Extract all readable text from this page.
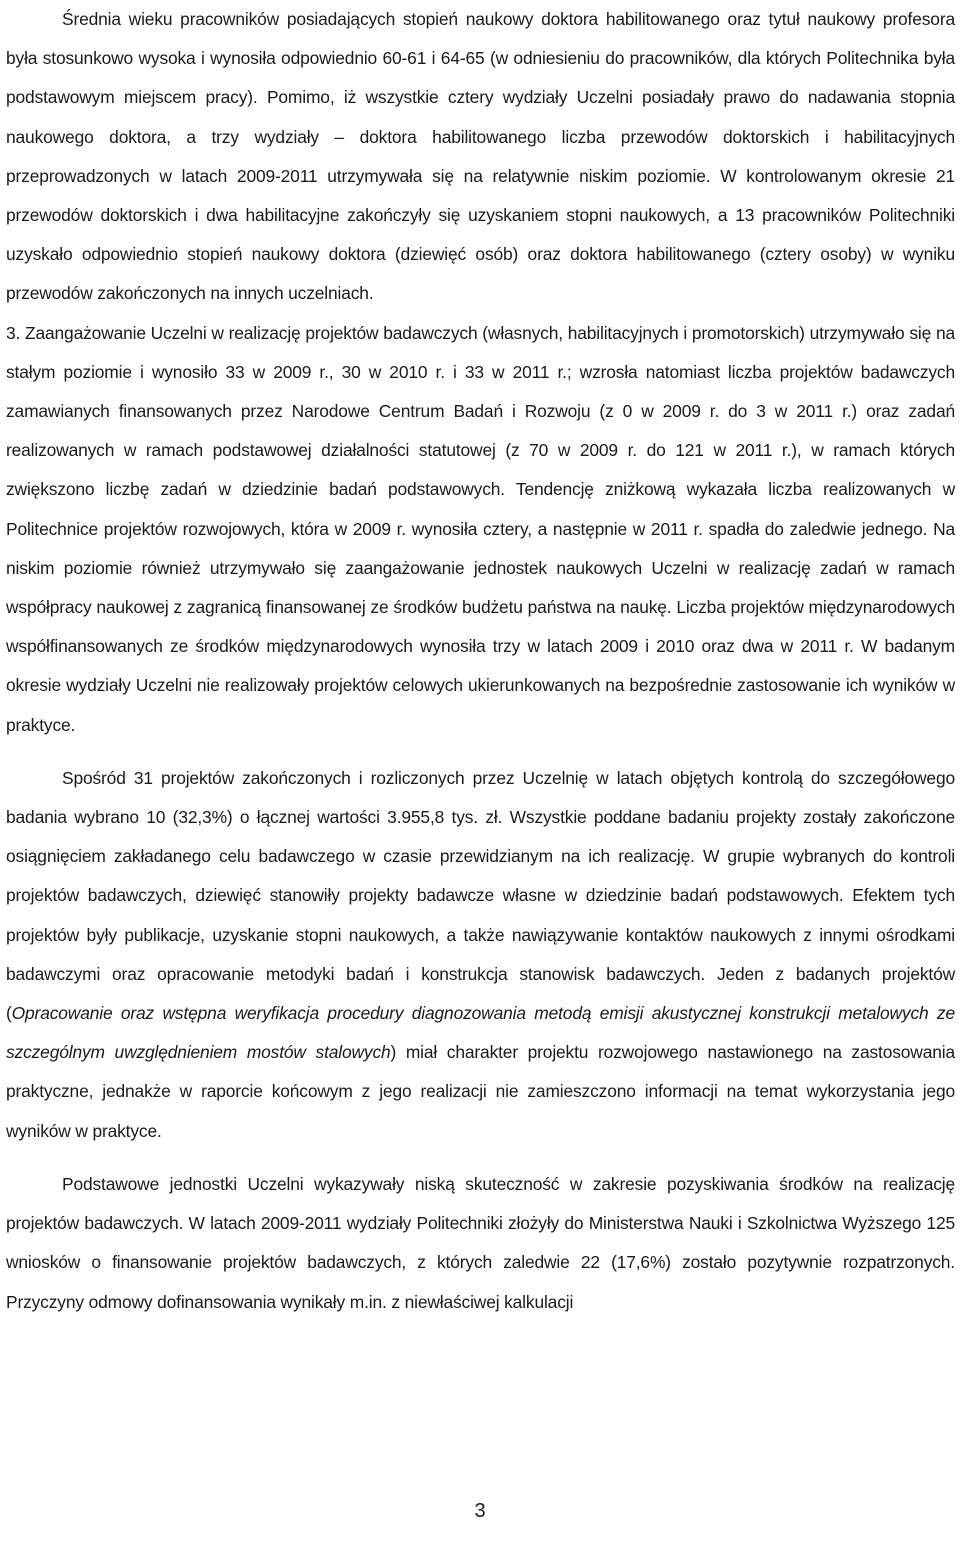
Średnia wieku pracowników posiadających stopień naukowy doktora habilitowanego oraz tytuł naukowy profesora była stosunkowo wysoka i wynosiła odpowiednio 60-61 i 64-65 (w odniesieniu do pracowników, dla których Politechnika była podstawowym miejscem pracy). Pomimo, iż wszystkie cztery wydziały Uczelni posiadały prawo do nadawania stopnia naukowego doktora, a trzy wydziały – doktora habilitowanego liczba przewodów doktorskich i habilitacyjnych przeprowadzonych w latach 2009-2011 utrzymywała się na relatywnie niskim poziomie. W kontrolowanym okresie 21 przewodów doktorskich i dwa habilitacyjne zakończyły się uzyskaniem stopni naukowych, a 13 pracowników Politechniki uzyskało odpowiednio stopień naukowy doktora (dziewięć osób) oraz doktora habilitowanego (cztery osoby) w wyniku przewodów zakończonych na innych uczelniach.

3. Zaangażowanie Uczelni w realizację projektów badawczych (własnych, habilitacyjnych i promotorskich) utrzymywało się na stałym poziomie i wynosiło 33 w 2009 r., 30 w 2010 r. i 33 w 2011 r.; wzrosła natomiast liczba projektów badawczych zamawianych finansowanych przez Narodowe Centrum Badań i Rozwoju (z 0 w 2009 r. do 3 w 2011 r.) oraz zadań realizowanych w ramach podstawowej działalności statutowej (z 70 w 2009 r. do 121 w 2011 r.), w ramach których zwiększono liczbę zadań w dziedzinie badań podstawowych. Tendencję zniżkową wykazała liczba realizowanych w Politechnice projektów rozwojowych, która w 2009 r. wynosiła cztery, a następnie w 2011 r. spadła do zaledwie jednego. Na niskim poziomie również utrzymywało się zaangażowanie jednostek naukowych Uczelni w realizację zadań w ramach współpracy naukowej z zagranicą finansowanej ze środków budżetu państwa na naukę. Liczba projektów międzynarodowych współfinansowanych ze środków międzynarodowych wynosiła trzy w latach 2009 i 2010 oraz dwa w 2011 r. W badanym okresie wydziały Uczelni nie realizowały projektów celowych ukierunkowanych na bezpośrednie zastosowanie ich wyników w praktyce.

Spośród 31 projektów zakończonych i rozliczonych przez Uczelnię w latach objętych kontrolą do szczegółowego badania wybrano 10 (32,3%) o łącznej wartości 3.955,8 tys. zł. Wszystkie poddane badaniu projekty zostały zakończone osiągnięciem zakładanego celu badawczego w czasie przewidzianym na ich realizację. W grupie wybranych do kontroli projektów badawczych, dziewięć stanowiły projekty badawcze własne w dziedzinie badań podstawowych. Efektem tych projektów były publikacje, uzyskanie stopni naukowych, a także nawiązywanie kontaktów naukowych z innymi ośrodkami badawczymi oraz opracowanie metodyki badań i konstrukcja stanowisk badawczych. Jeden z badanych projektów (Opracowanie oraz wstępna weryfikacja procedury diagnozowania metodą emisji akustycznej konstrukcji metalowych ze szczególnym uwzględnieniem mostów stalowych) miał charakter projektu rozwojowego nastawionego na zastosowania praktyczne, jednakże w raporcie końcowym z jego realizacji nie zamieszczono informacji na temat wykorzystania jego wyników w praktyce.

Podstawowe jednostki Uczelni wykazywały niską skuteczność w zakresie pozyskiwania środków na realizację projektów badawczych. W latach 2009-2011 wydziały Politechniki złożyły do Ministerstwa Nauki i Szkolnictwa Wyższego 125 wniosków o finansowanie projektów badawczych, z których zaledwie 22 (17,6%) zostało pozytywnie rozpatrzonych. Przyczyny odmowy dofinansowania wynikały m.in. z niewłaściwej kalkulacji

3
